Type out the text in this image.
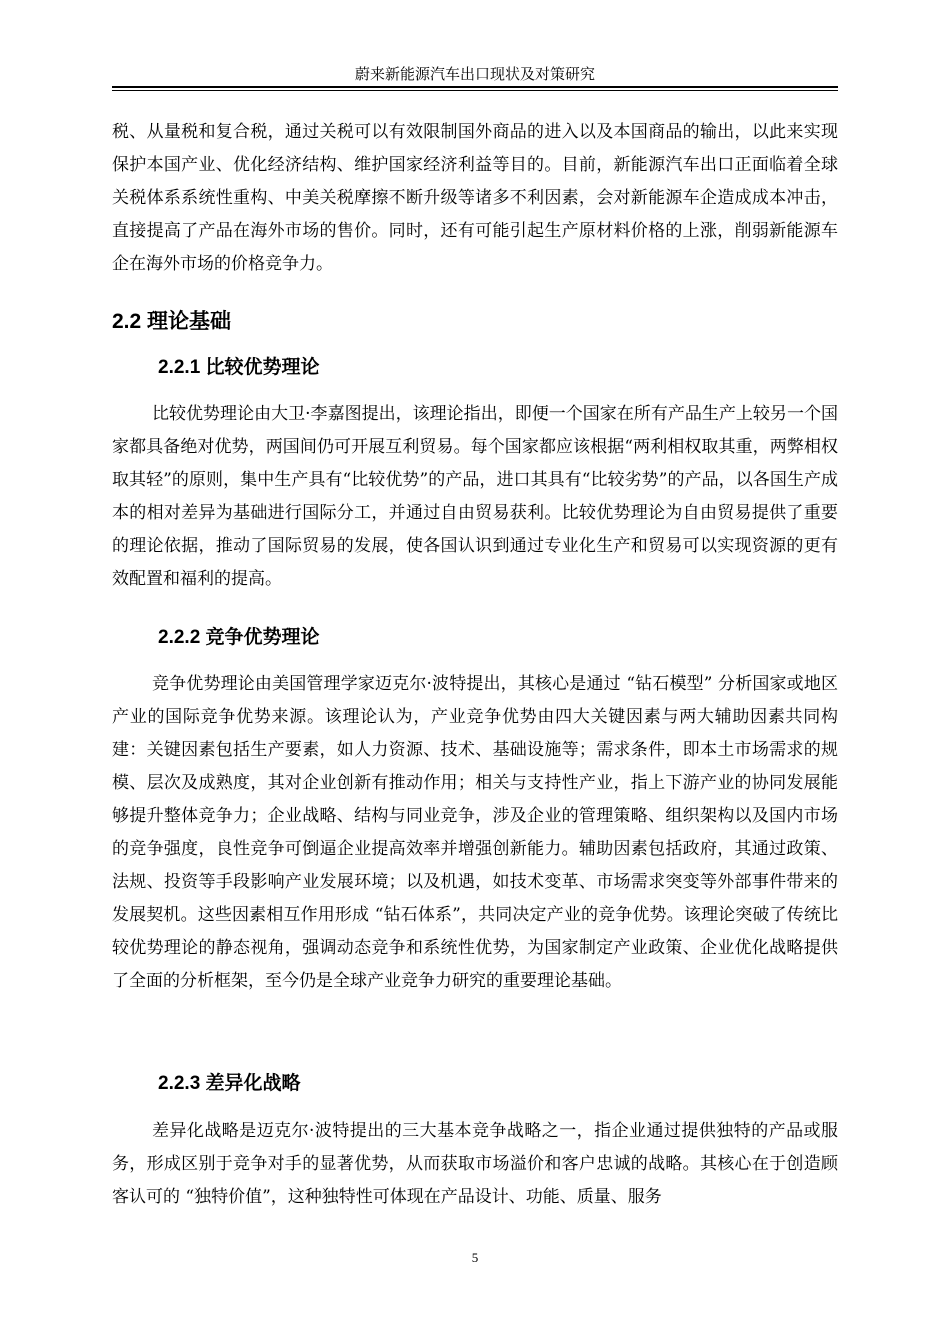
蔚来新能源汽车出口现状及对策研究

税、从量税和复合税，通过关税可以有效限制国外商品的进入以及本国商品的输出，以此来实现保护本国产业、优化经济结构、维护国家经济利益等目的。目前，新能源汽车出口正面临着全球关税体系系统性重构、中美关税摩擦不断升级等诸多不利因素，会对新能源车企造成成本冲击，直接提高了产品在海外市场的售价。同时，还有可能引起生产原材料价格的上涨，削弱新能源车企在海外市场的价格竞争力。

2.2 理论基础
2.2.1 比较优势理论

比较优势理论由大卫·李嘉图提出，该理论指出，即便一个国家在所有产品生产上较另一个国家都具备绝对优势，两国间仍可开展互利贸易。每个国家都应该根据“两利相权取其重，两弊相权取其轻”的原则，集中生产具有“比较优势”的产品，进口其具有“比较劣势”的产品，以各国生产成本的相对差异为基础进行国际分工，并通过自由贸易获利。比较优势理论为自由贸易提供了重要的理论依据，推动了国际贸易的发展，使各国认识到通过专业化生产和贸易可以实现资源的更有效配置和福利的提高。

2.2.2 竞争优势理论

竞争优势理论由美国管理学家迈克尔·波特提出，其核心是通过 “钻石模型” 分析国家或地区产业的国际竞争优势来源。该理论认为，产业竞争优势由四大关键因素与两大辅助因素共同构建：关键因素包括生产要素，如人力资源、技术、基础设施等；需求条件，即本土市场需求的规模、层次及成熟度，其对企业创新有推动作用；相关与支持性产业，指上下游产业的协同发展能够提升整体竞争力；企业战略、结构与同业竞争，涉及企业的管理策略、组织架构以及国内市场的竞争强度，良性竞争可倒逼企业提高效率并增强创新能力。辅助因素包括政府，其通过政策、法规、投资等手段影响产业发展环境；以及机遇，如技术变革、市场需求突变等外部事件带来的发展契机。这些因素相互作用形成 “钻石体系”，共同决定产业的竞争优势。该理论突破了传统比较优势理论的静态视角，强调动态竞争和系统性优势，为国家制定产业政策、企业优化战略提供了全面的分析框架，至今仍是全球产业竞争力研究的重要理论基础。

2.2.3 差异化战略

差异化战略是迈克尔·波特提出的三大基本竞争战略之一，指企业通过提供独特的产品或服务，形成区别于竞争对手的显著优势，从而获取市场溢价和客户忠诚的战略。其核心在于创造顾客认可的 “独特价值”，这种独特性可体现在产品设计、功能、质量、服务

5
